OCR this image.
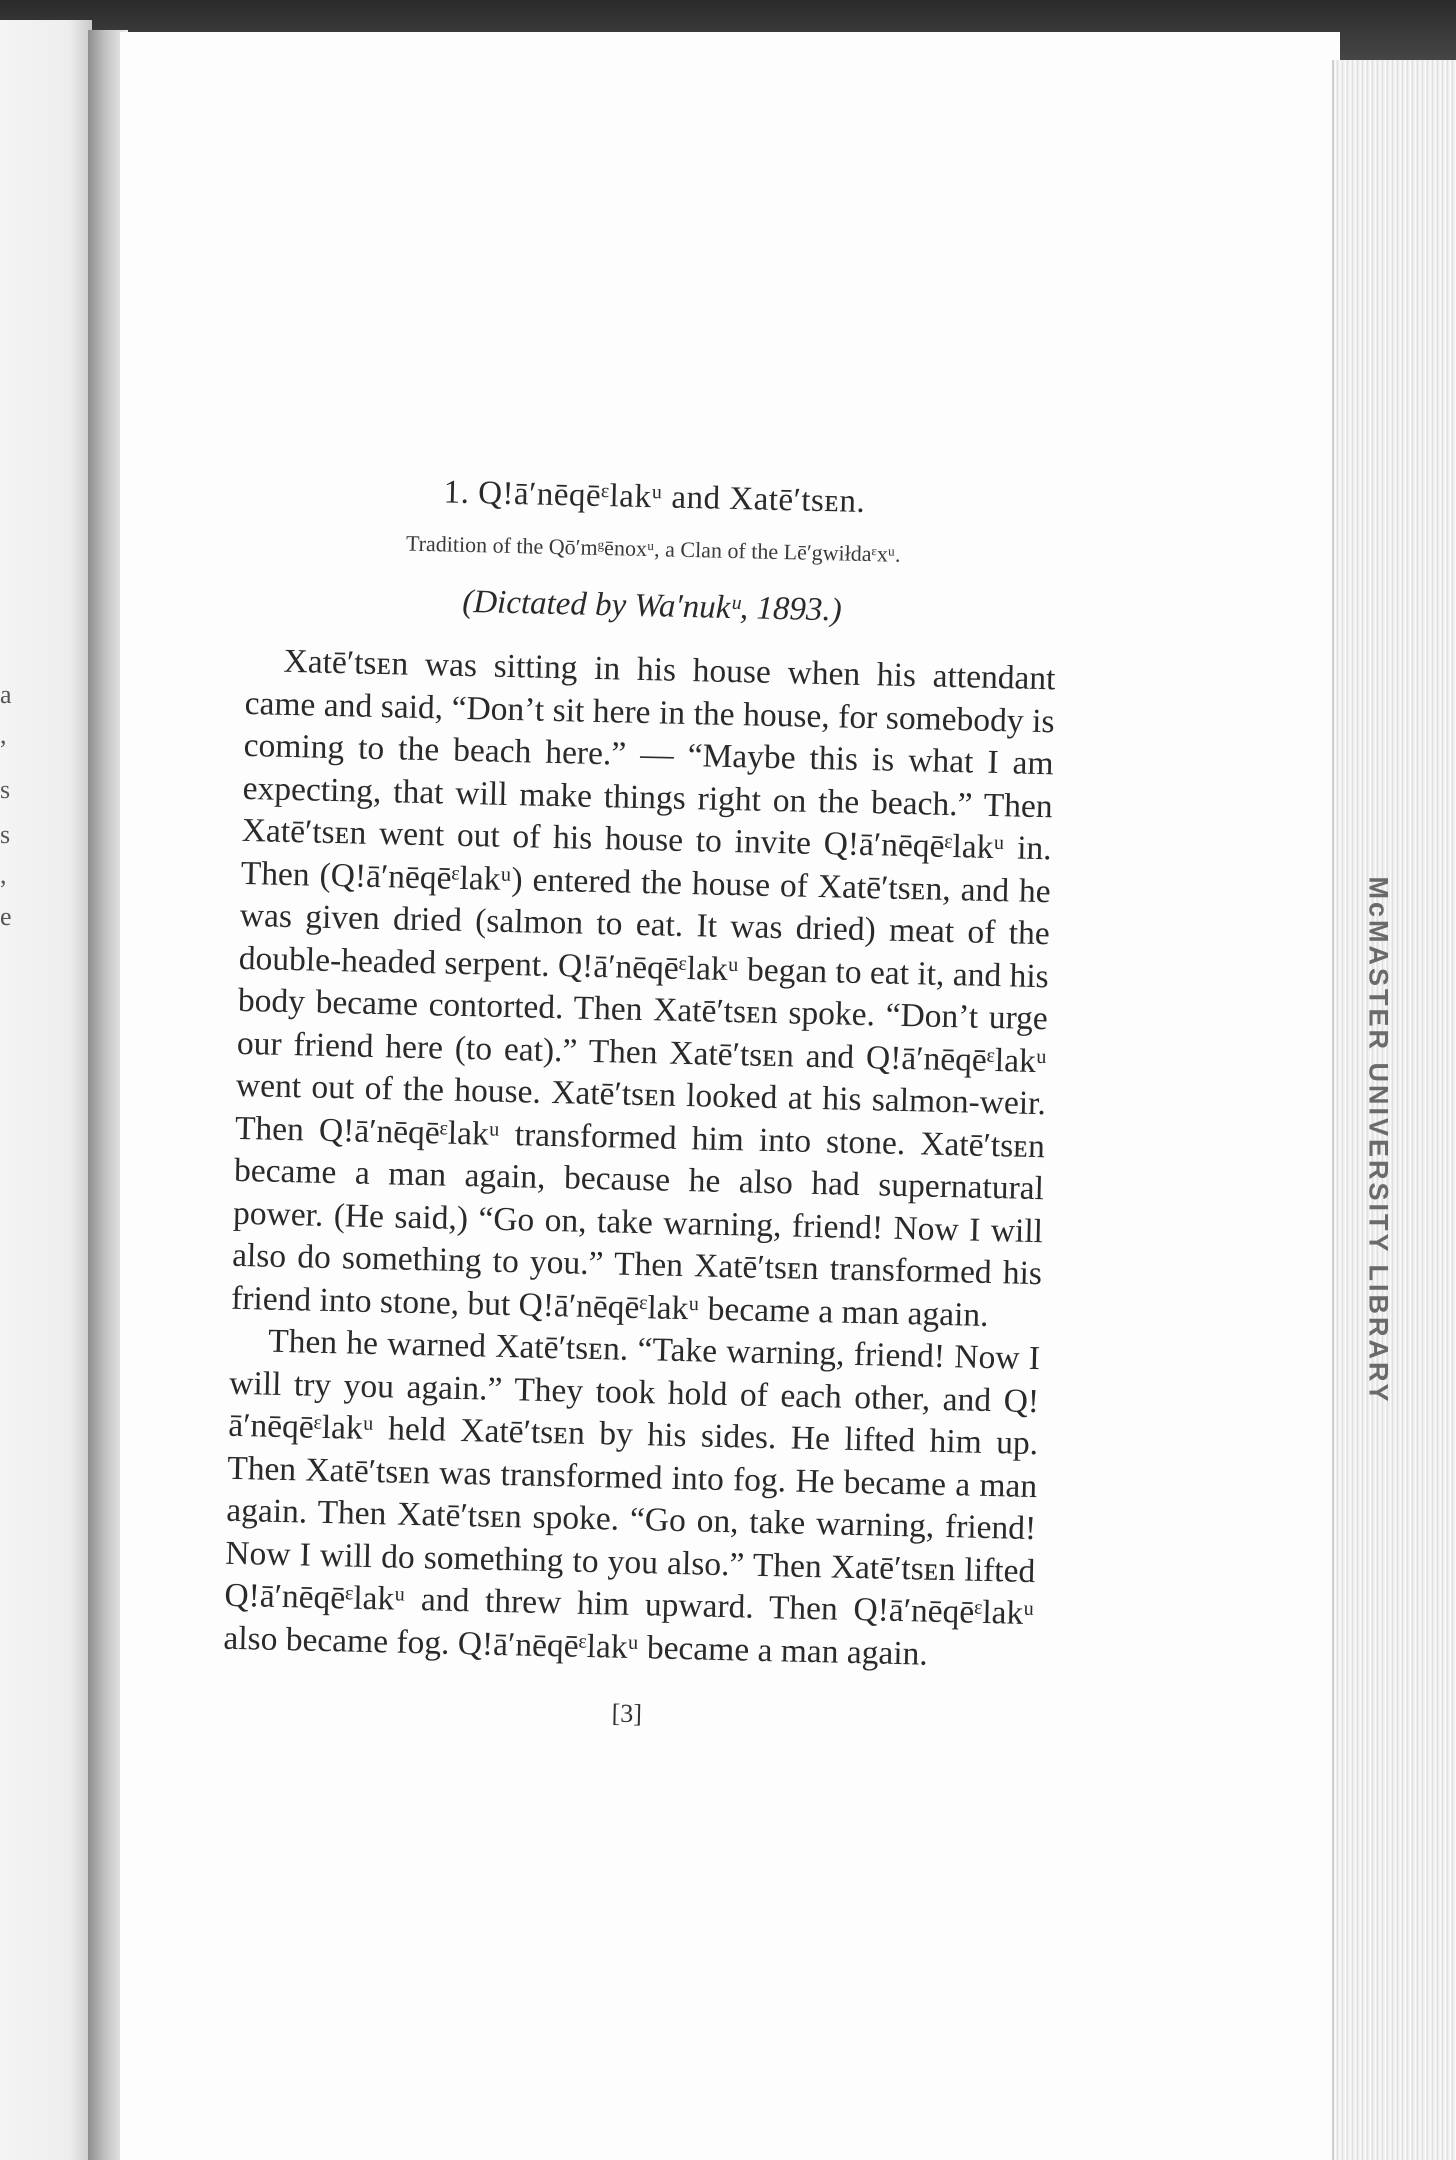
a
,
s
s
,
e	McMASTER UNIVERSITY LIBRARY
1. Q!ā′nēqēᵋlakᵘ and Xatē′tsᴇn.
Tradition of the Qō′mᵍēnoxᵘ, a Clan of the Lē′gwiłdaᵋxᵘ.
(Dictated by Wa′nukᵘ, 1893.)

Xatē′tsᴇn was sitting in his house when his attendant came and said, “Don’t sit here in the house, for somebody is coming to the beach here.” — “Maybe this is what I am expecting, that will make things right on the beach.” Then Xatē′tsᴇn went out of his house to invite Q!ā′nēqēᵋlakᵘ in. Then (Q!ā′nēqēᵋlakᵘ) entered the house of Xatē′tsᴇn, and he was given dried (salmon to eat. It was dried) meat of the double-headed serpent. Q!ā′nēqēᵋlakᵘ began to eat it, and his body became contorted. Then Xatē′tsᴇn spoke. “Don’t urge our friend here (to eat).” Then Xatē′tsᴇn and Q!ā′nēqēᵋlakᵘ went out of the house. Xatē′tsᴇn looked at his salmon-weir. Then Q!ā′nēqēᵋlakᵘ transformed him into stone. Xatē′tsᴇn became a man again, because he also had supernatural power. (He said,) “Go on, take warning, friend! Now I will also do something to you.” Then Xatē′tsᴇn transformed his friend into stone, but Q!ā′nēqēᵋlakᵘ became a man again.

Then he warned Xatē′tsᴇn. “Take warning, friend! Now I will try you again.” They took hold of each other, and Q!ā′nēqēᵋlakᵘ held Xatē′tsᴇn by his sides. He lifted him up. Then Xatē′tsᴇn was transformed into fog. He became a man again. Then Xatē′tsᴇn spoke. “Go on, take warning, friend! Now I will do something to you also.” Then Xatē′tsᴇn lifted Q!ā′nēqēᵋlakᵘ and threw him upward. Then Q!ā′nēqēᵋlakᵘ also became fog. Q!ā′nēqēᵋlakᵘ became a man again.

[3]
